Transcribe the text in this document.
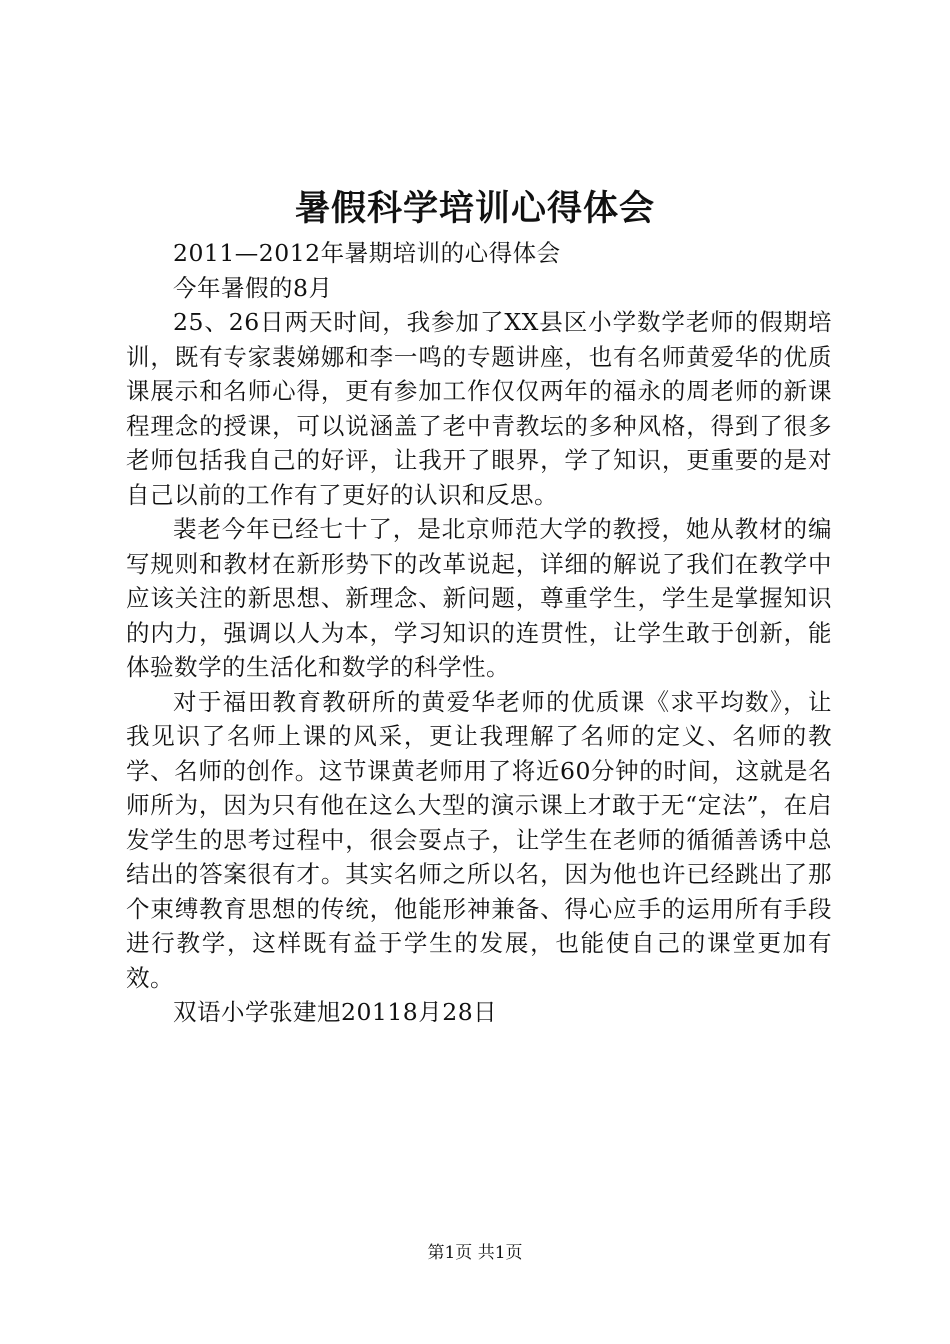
暑假科学培训心得体会

2011—2012年暑期培训的心得体会

今年暑假的8月

25、26日两天时间，我参加了XX县区小学数学老师的假期培训，既有专家裴娣娜和李一鸣的专题讲座，也有名师黄爱华的优质课展示和名师心得，更有参加工作仅仅两年的福永的周老师的新课程理念的授课，可以说涵盖了老中青教坛的多种风格，得到了很多老师包括我自己的好评，让我开了眼界，学了知识，更重要的是对自己以前的工作有了更好的认识和反思。

裴老今年已经七十了，是北京师范大学的教授，她从教材的编写规则和教材在新形势下的改革说起，详细的解说了我们在教学中应该关注的新思想、新理念、新问题，尊重学生，学生是掌握知识的内力，强调以人为本，学习知识的连贯性，让学生敢于创新，能体验数学的生活化和数学的科学性。

对于福田教育教研所的黄爱华老师的优质课《求平均数》，让我见识了名师上课的风采，更让我理解了名师的定义、名师的教学、名师的创作。这节课黄老师用了将近60分钟的时间，这就是名师所为，因为只有他在这么大型的演示课上才敢于无“定法”，在启发学生的思考过程中，很会耍点子，让学生在老师的循循善诱中总结出的答案很有才。其实名师之所以名，因为他也许已经跳出了那个束缚教育思想的传统，他能形神兼备、得心应手的运用所有手段进行教学，这样既有益于学生的发展，也能使自己的课堂更加有效。

双语小学张建旭20118月28日

第1页 共1页
